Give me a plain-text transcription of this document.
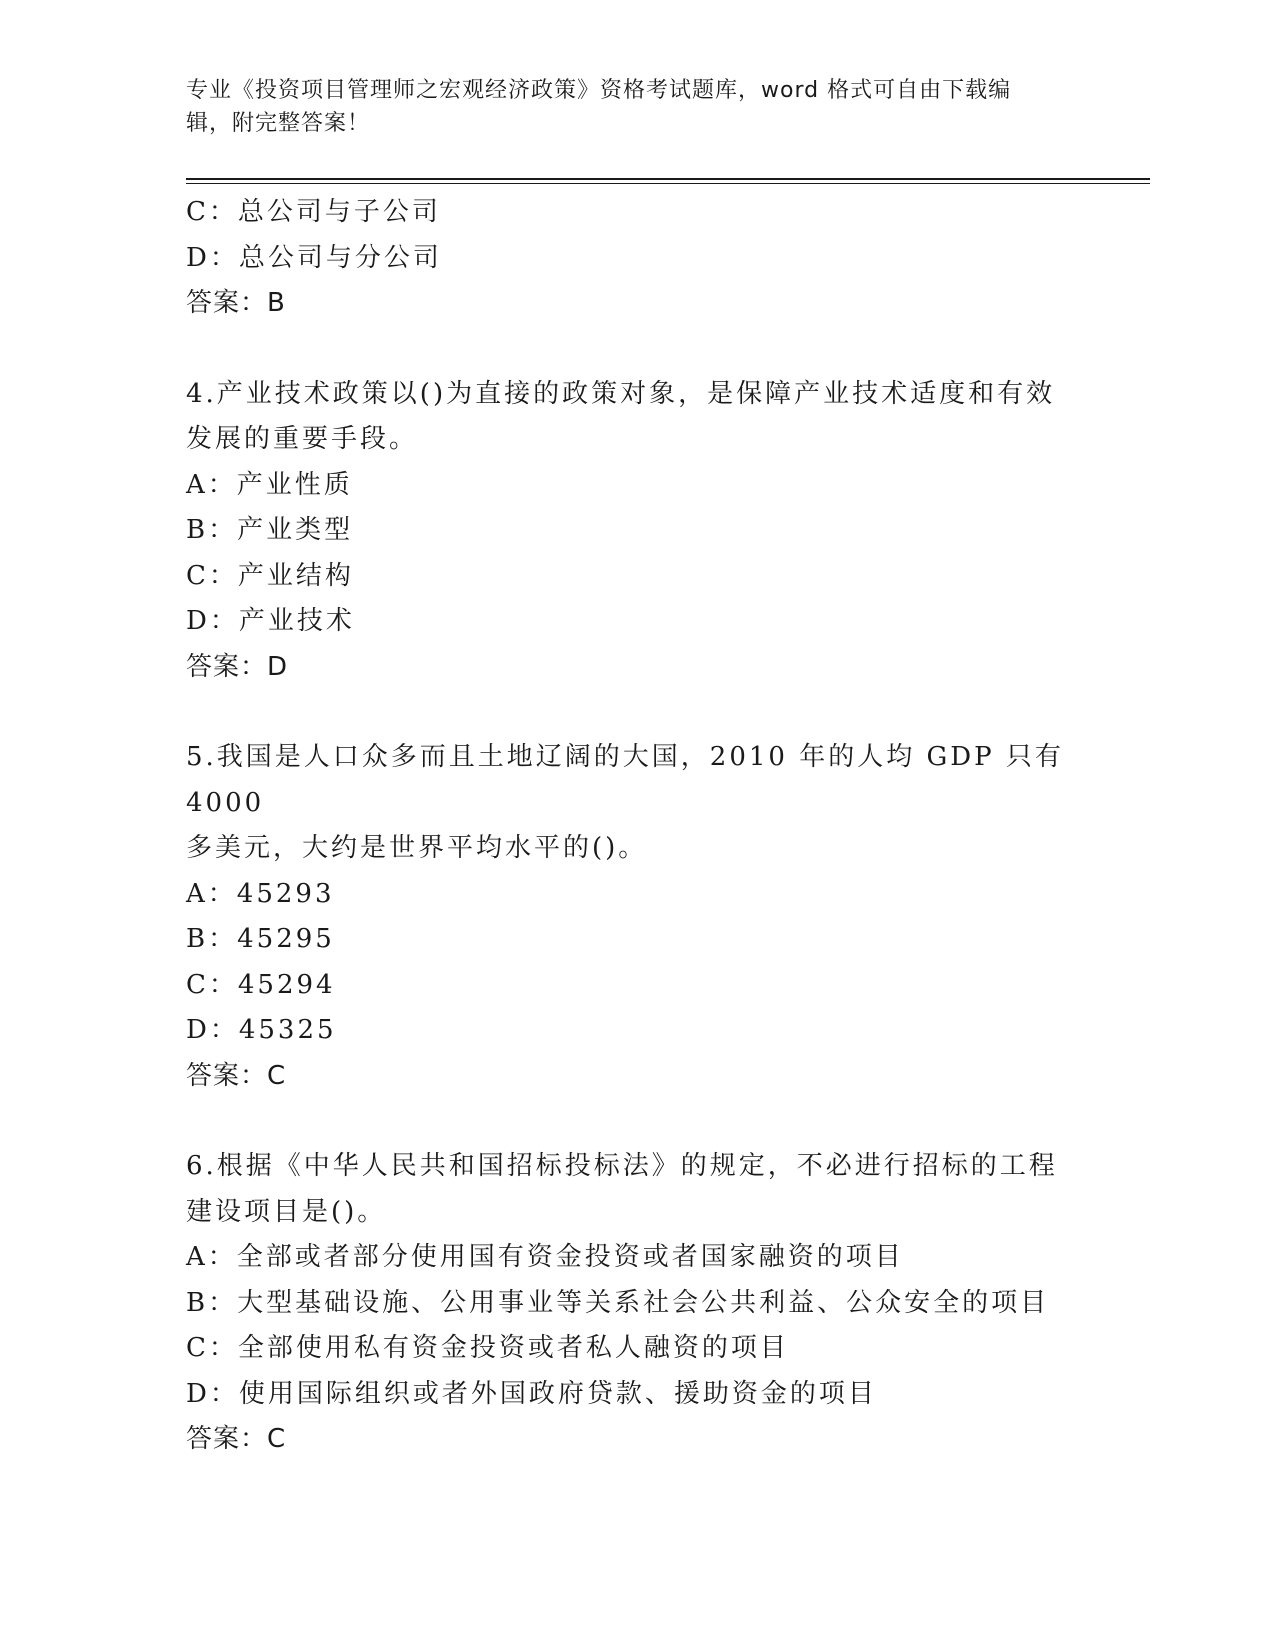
专业《投资项目管理师之宏观经济政策》资格考试题库，word 格式可自由下载编
辑，附完整答案！
C：总公司与子公司
D：总公司与分公司
答案：B
4.产业技术政策以()为直接的政策对象，是保障产业技术适度和有效
发展的重要手段。
A：产业性质
B：产业类型
C：产业结构
D：产业技术
答案：D
5.我国是人口众多而且土地辽阔的大国，2010 年的人均 GDP 只有 4000
多美元，大约是世界平均水平的()。
A：45293
B：45295
C：45294
D：45325
答案：C
6.根据《中华人民共和国招标投标法》的规定，不必进行招标的工程
建设项目是()。
A：全部或者部分使用国有资金投资或者国家融资的项目
B：大型基础设施、公用事业等关系社会公共利益、公众安全的项目
C：全部使用私有资金投资或者私人融资的项目
D：使用国际组织或者外国政府贷款、援助资金的项目
答案：C
